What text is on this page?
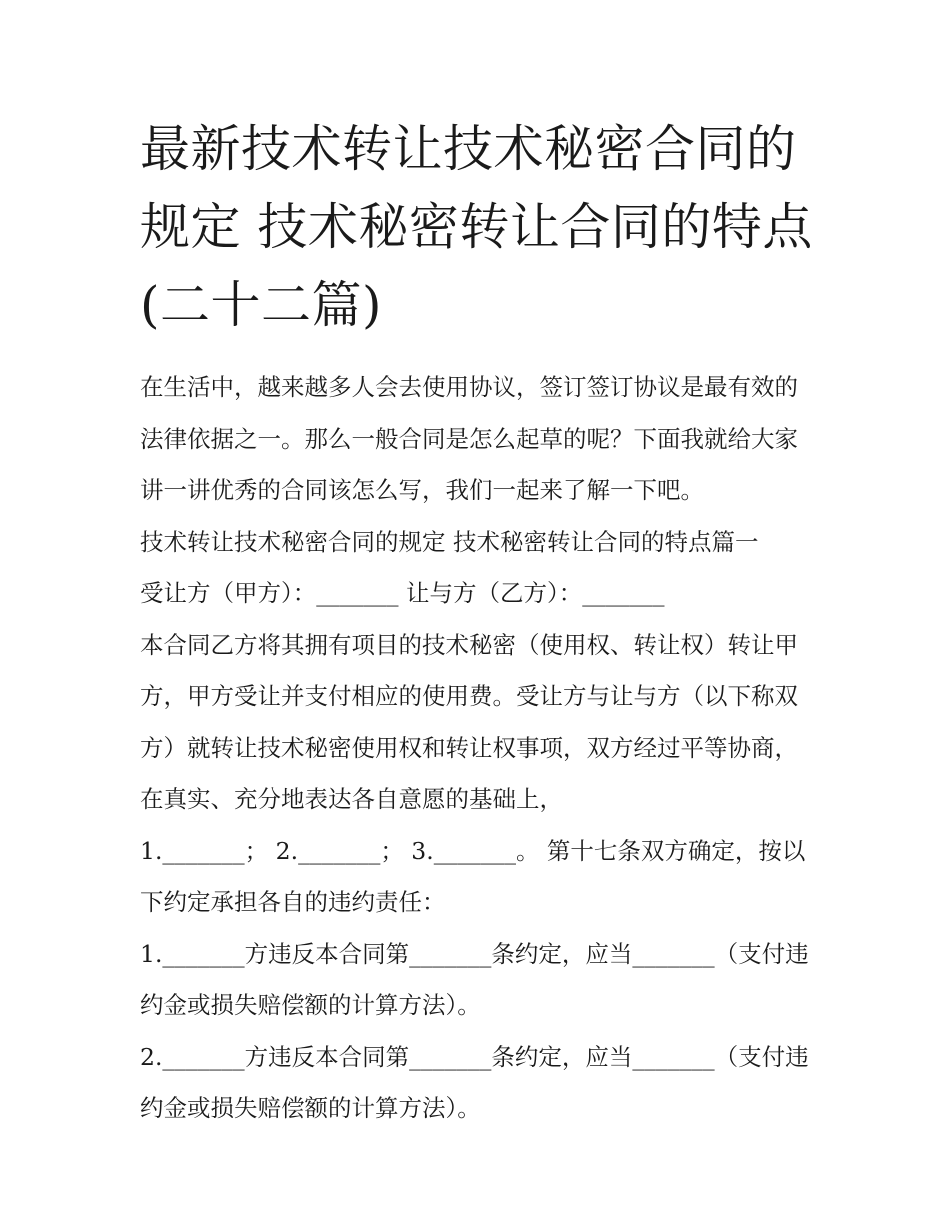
最新技术转让技术秘密合同的规定 技术秘密转让合同的特点(二十二篇)

在生活中，越来越多人会去使用协议，签订签订协议是最有效的法律依据之一。那么一般合同是怎么起草的呢？下面我就给大家讲一讲优秀的合同该怎么写，我们一起来了解一下吧。

技术转让技术秘密合同的规定 技术秘密转让合同的特点篇一

受让方（甲方）：_______ 让与方（乙方）：_______

本合同乙方将其拥有项目的技术秘密（使用权、转让权）转让甲方，甲方受让并支付相应的使用费。受让方与让与方（以下称双方）就转让技术秘密使用权和转让权事项，双方经过平等协商，在真实、充分地表达各自意愿的基础上，

1._______； 2._______； 3._______。 第十七条双方确定，按以下约定承担各自的违约责任：

1._______方违反本合同第_______条约定，应当_______（支付违约金或损失赔偿额的计算方法）。

2._______方违反本合同第_______条约定，应当_______（支付违约金或损失赔偿额的计算方法）。
